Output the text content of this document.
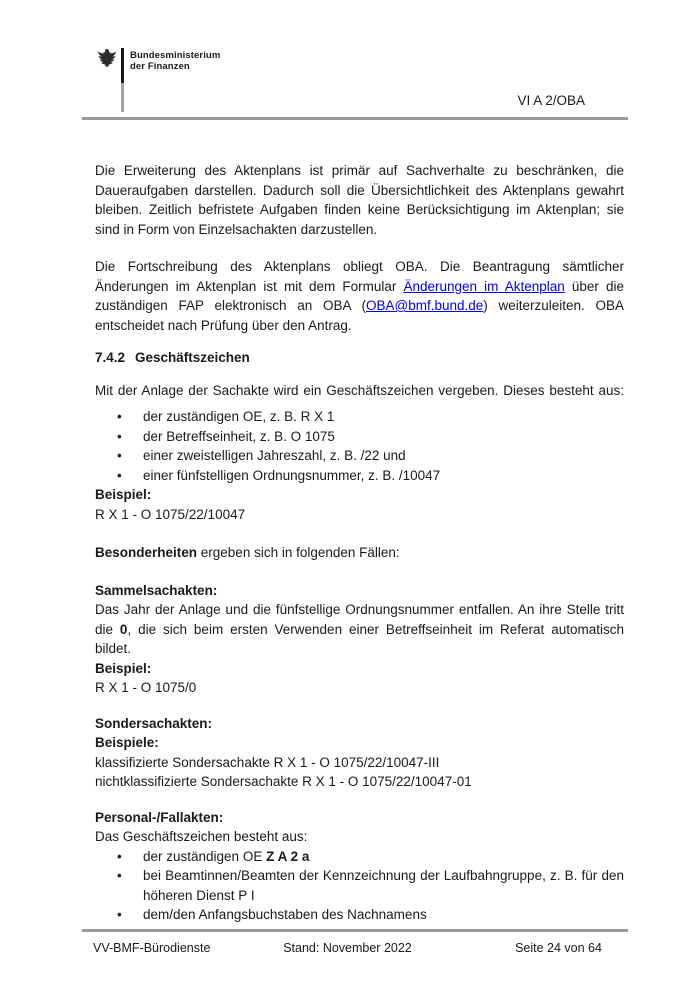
Bundesministerium
der Finanzen
VI A 2/OBA

Die Erweiterung des Aktenplans ist primär auf Sachverhalte zu beschränken, die Daueraufgaben darstellen. Dadurch soll die Übersichtlichkeit des Aktenplans gewahrt bleiben. Zeitlich befristete Aufgaben finden keine Berücksichtigung im Aktenplan; sie sind in Form von Einzelsachakten darzustellen.

Die Fortschreibung des Aktenplans obliegt OBA. Die Beantragung sämtlicher Änderungen im Aktenplan ist mit dem Formular Änderungen im Aktenplan über die zuständigen FAP elektronisch an OBA (OBA@bmf.bund.de) weiterzuleiten. OBA entscheidet nach Prüfung über den Antrag.

7.4.2 Geschäftszeichen

Mit der Anlage der Sachakte wird ein Geschäftszeichen vergeben. Dieses besteht aus:

• der zuständigen OE, z. B. R X 1
• der Betreffseinheit, z. B. O 1075
• einer zweistelligen Jahreszahl, z. B. /22 und
• einer fünfstelligen Ordnungsnummer, z. B. /10047
Beispiel:
R X 1 - O 1075/22/10047
Besonderheiten ergeben sich in folgenden Fällen:
Sammelsachakten:
Das Jahr der Anlage und die fünfstellige Ordnungsnummer entfallen. An ihre Stelle tritt die 0, die sich beim ersten Verwenden einer Betreffseinheit im Referat automatisch bildet.
Beispiel:
R X 1 - O 1075/0
Sondersachakten:
Beispiele:
klassifizierte Sondersachakte R X 1 - O 1075/22/10047-III
nichtklassifizierte Sondersachakte R X 1 - O 1075/22/10047-01
Personal-/Fallakten:
Das Geschäftszeichen besteht aus:
• der zuständigen OE Z A 2 a
• bei Beamtinnen/Beamten der Kennzeichnung der Laufbahngruppe, z. B. für den höheren Dienst P I
• dem/den Anfangsbuchstaben des Nachnamens
VV-BMF-Bürodienste	Stand: November 2022	Seite 24 von 64
